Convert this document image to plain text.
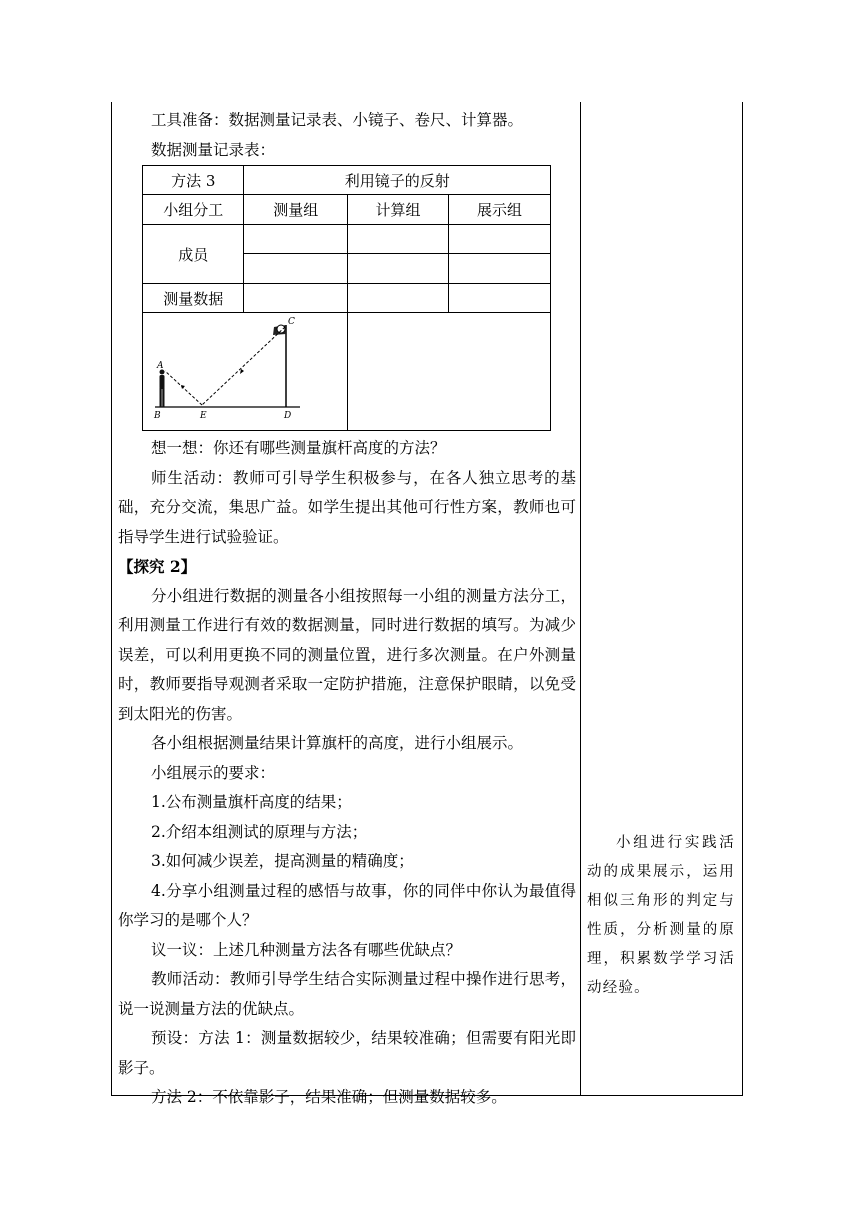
工具准备：数据测量记录表、小镜子、卷尺、计算器。

数据测量记录表：

方法 3	利用镜子的反射		
小组分工	测量组	计算组	展示组
成员			

测量数据			

A
B
C
D
E			

想一想：你还有哪些测量旗杆高度的方法？

师生活动：教师可引导学生积极参与，在各人独立思考的基础，充分交流，集思广益。如学生提出其他可行性方案，教师也可指导学生进行试验验证。

【探究 2】

分小组进行数据的测量各小组按照每一小组的测量方法分工，利用测量工作进行有效的数据测量，同时进行数据的填写。为减少误差，可以利用更换不同的测量位置，进行多次测量。在户外测量时，教师要指导观测者采取一定防护措施，注意保护眼睛，以免受到太阳光的伤害。

各小组根据测量结果计算旗杆的高度，进行小组展示。

小组展示的要求：

1.公布测量旗杆高度的结果；

2.介绍本组测试的原理与方法；

3.如何减少误差，提高测量的精确度；

4.分享小组测量过程的感悟与故事，你的同伴中你认为最值得你学习的是哪个人？

议一议：上述几种测量方法各有哪些优缺点？

教师活动：教师引导学生结合实际测量过程中操作进行思考，说一说测量方法的优缺点。

预设：方法 1：测量数据较少，结果较准确；但需要有阳光即影子。

方法 2：不依靠影子，结果准确；但测量数据较多。

小组进行实践活动的成果展示，运用相似三角形的判定与性质，分析测量的原理，积累数学学习活动经验。
